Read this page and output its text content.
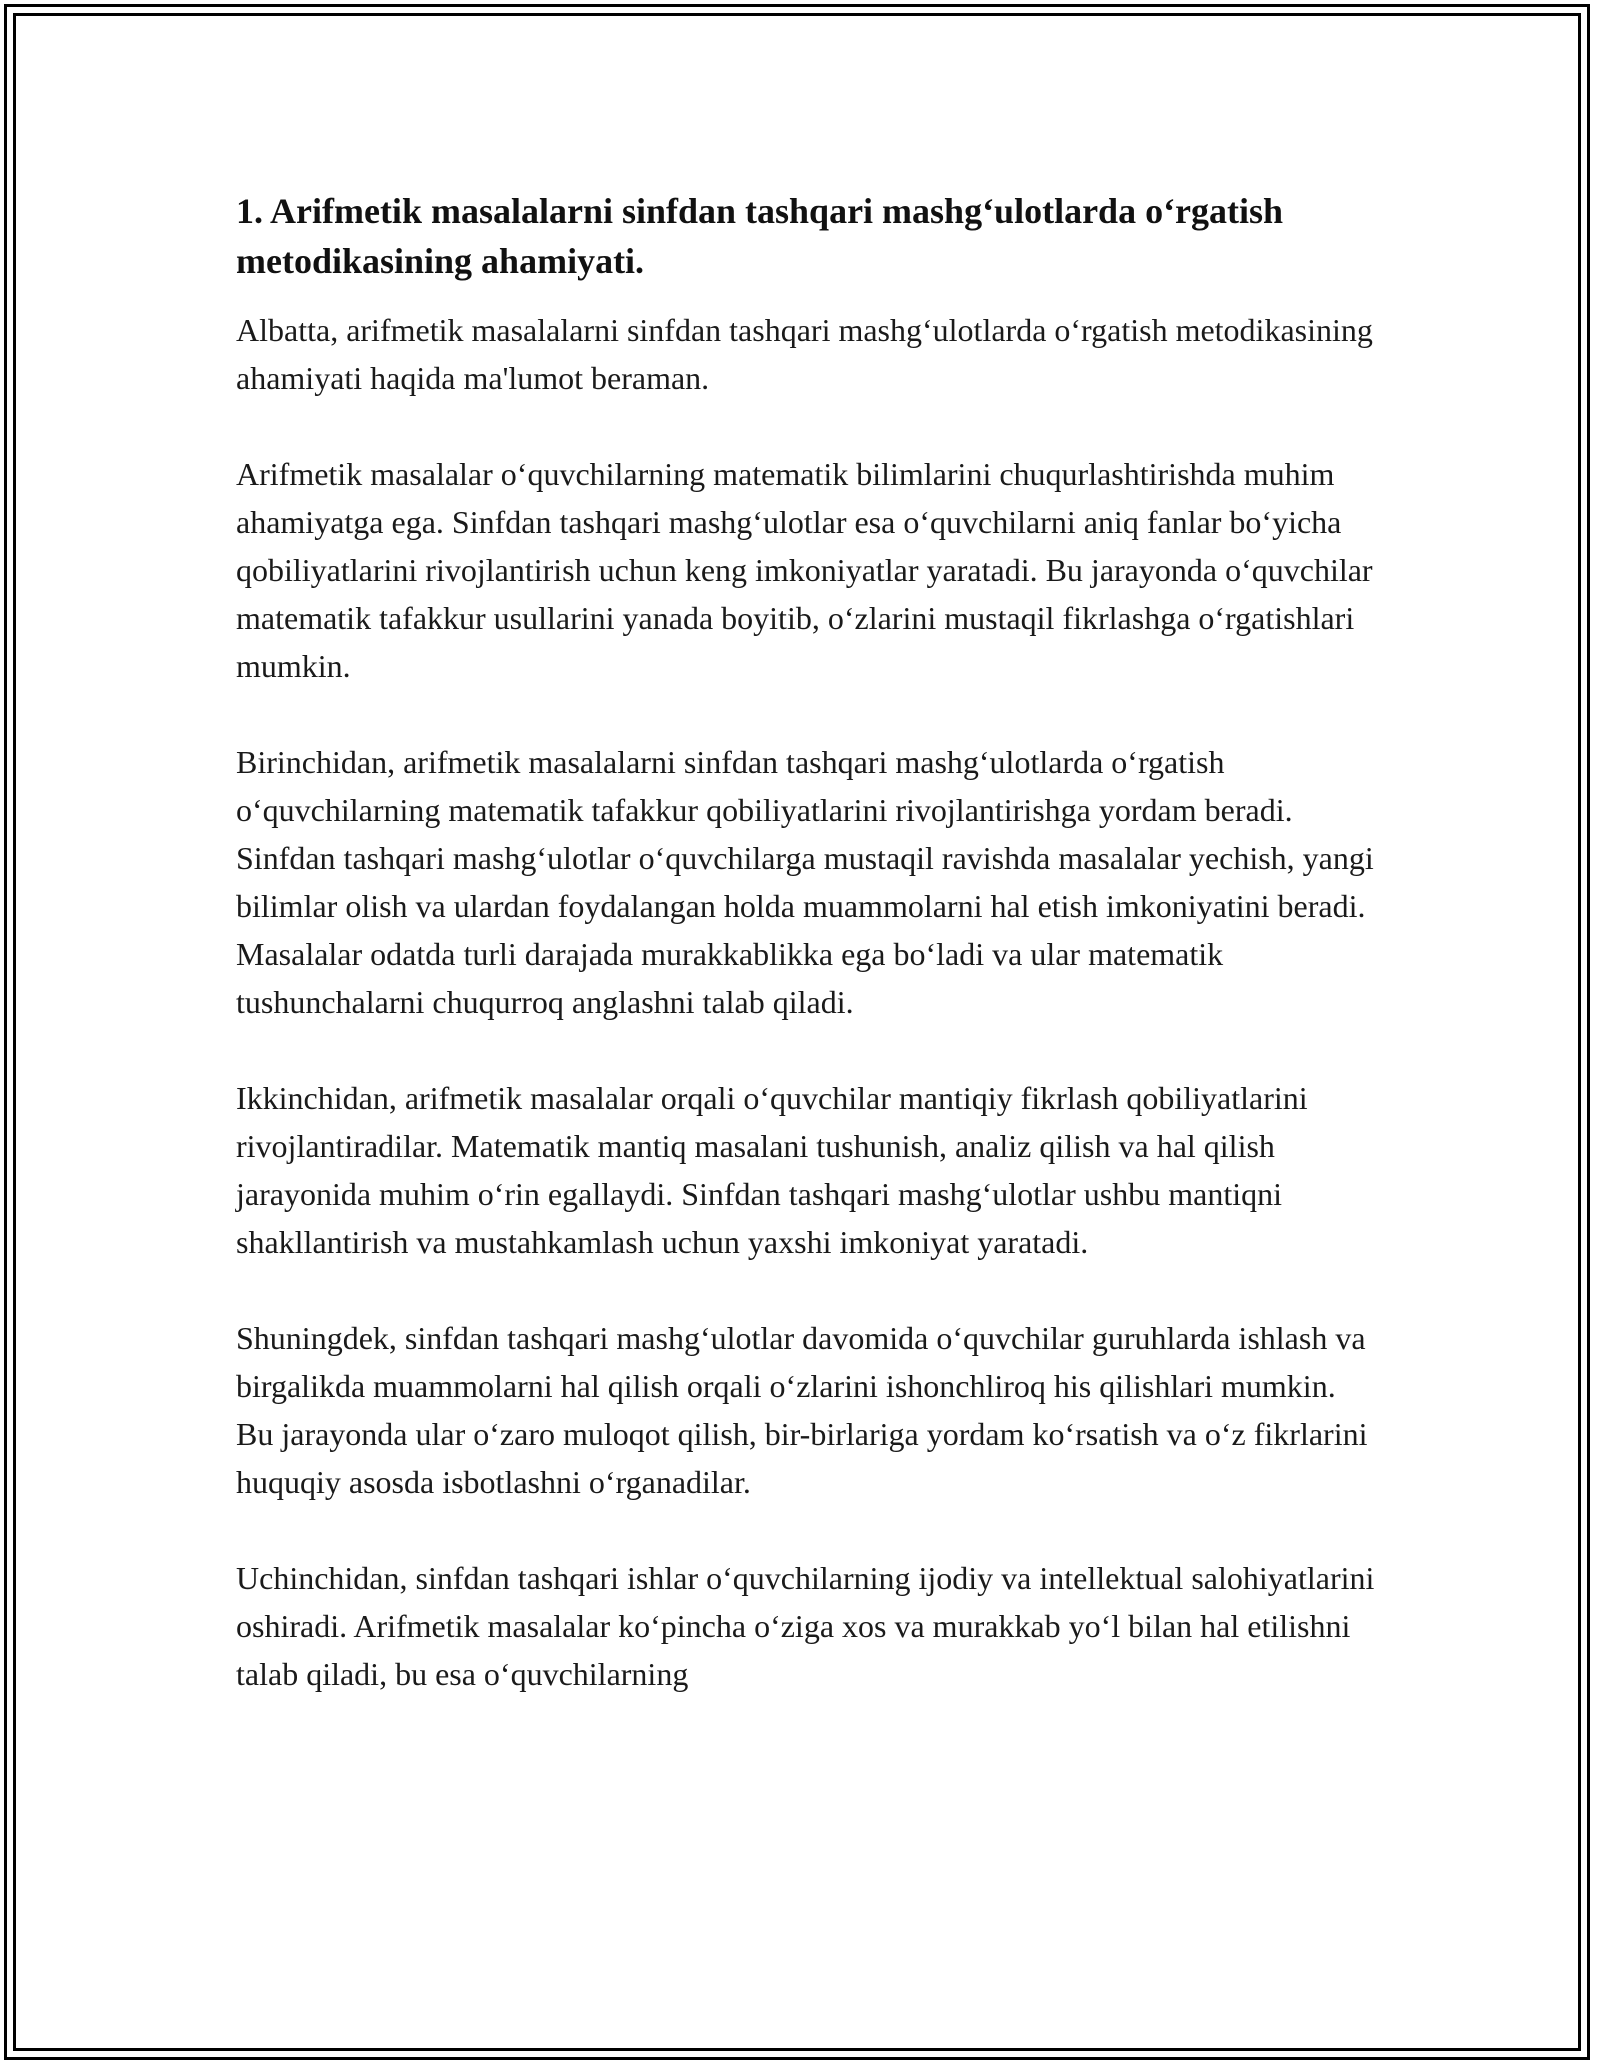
1. Arifmetik masalalarni sinfdan tashqari mashg‘ulotlarda o‘rgatish metodikasining ahamiyati.

Albatta, arifmetik masalalarni sinfdan tashqari mashg‘ulotlarda o‘rgatish metodikasining ahamiyati haqida ma'lumot beraman.

Arifmetik masalalar o‘quvchilarning matematik bilimlarini chuqurlashtirishda muhim ahamiyatga ega. Sinfdan tashqari mashg‘ulotlar esa o‘quvchilarni aniq fanlar bo‘yicha qobiliyatlarini rivojlantirish uchun keng imkoniyatlar yaratadi. Bu jarayonda o‘quvchilar matematik tafakkur usullarini yanada boyitib, o‘zlarini mustaqil fikrlashga o‘rgatishlari mumkin.

Birinchidan, arifmetik masalalarni sinfdan tashqari mashg‘ulotlarda o‘rgatish o‘quvchilarning matematik tafakkur qobiliyatlarini rivojlantirishga yordam beradi. Sinfdan tashqari mashg‘ulotlar o‘quvchilarga mustaqil ravishda masalalar yechish, yangi bilimlar olish va ulardan foydalangan holda muammolarni hal etish imkoniyatini beradi. Masalalar odatda turli darajada murakkablikka ega bo‘ladi va ular matematik tushunchalarni chuqurroq anglashni talab qiladi.

Ikkinchidan, arifmetik masalalar orqali o‘quvchilar mantiqiy fikrlash qobiliyatlarini rivojlantiradilar. Matematik mantiq masalani tushunish, analiz qilish va hal qilish jarayonida muhim o‘rin egallaydi. Sinfdan tashqari mashg‘ulotlar ushbu mantiqni shakllantirish va mustahkamlash uchun yaxshi imkoniyat yaratadi.

Shuningdek, sinfdan tashqari mashg‘ulotlar davomida o‘quvchilar guruhlarda ishlash va birgalikda muammolarni hal qilish orqali o‘zlarini ishonchliroq his qilishlari mumkin. Bu jarayonda ular o‘zaro muloqot qilish, bir-birlariga yordam ko‘rsatish va o‘z fikrlarini huquqiy asosda isbotlashni o‘rganadilar.

Uchinchidan, sinfdan tashqari ishlar o‘quvchilarning ijodiy va intellektual salohiyatlarini oshiradi. Arifmetik masalalar ko‘pincha o‘ziga xos va murakkab yo‘l bilan hal etilishni talab qiladi, bu esa o‘quvchilarning
